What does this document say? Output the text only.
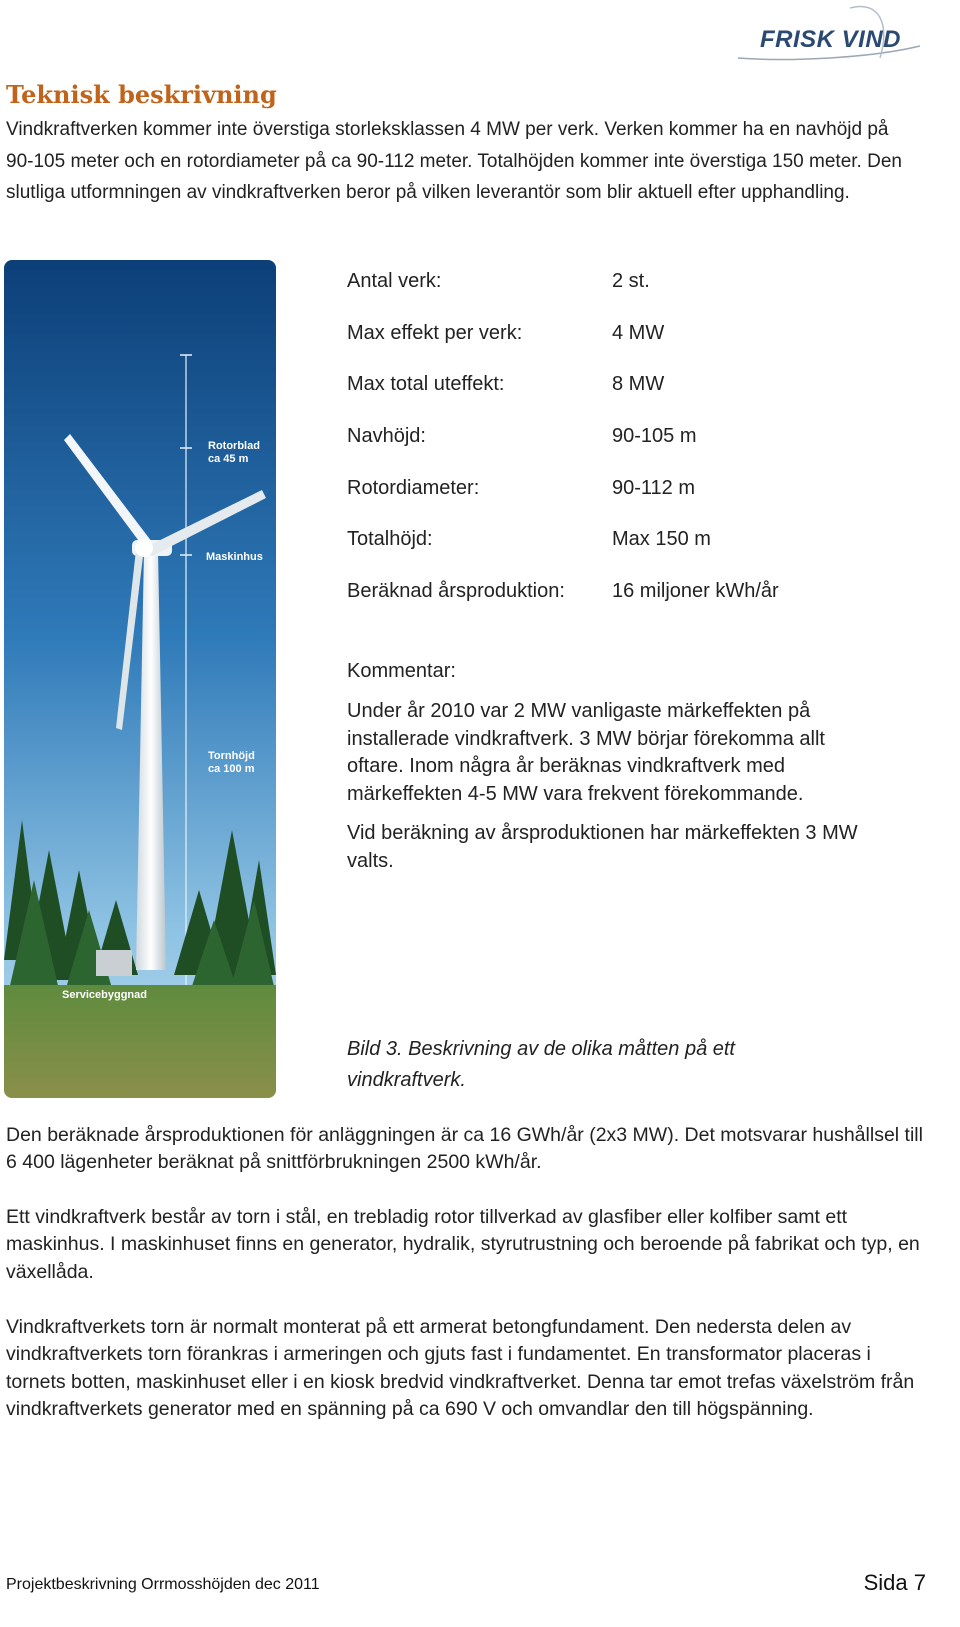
FRISK VIND
Teknisk beskrivning

Vindkraftverken kommer inte överstiga storleksklassen 4 MW per verk. Verken kommer ha en navhöjd på 90-105 meter och en rotordiameter på ca 90-112 meter. Totalhöjden kommer inte överstiga 150 meter. Den slutliga utformningen av vindkraftverken beror på vilken leverantör som blir aktuell efter upphandling.

Rotorblad
ca 45 m
Maskinhus
Tornhöjd
ca 100 m
Servicebyggnad
Antal verk:	2 st.
Max effekt per verk:	4 MW
Max total uteffekt:	8 MW
Navhöjd:	90-105 m
Rotordiameter:	90-112 m
Totalhöjd:	Max 150 m
Beräknad årsproduktion: 16 miljoner kWh/år
Kommentar:

Under år 2010 var 2 MW vanligaste märkeffekten på installerade vindkraftverk. 3 MW börjar förekomma allt oftare. Inom några år beräknas vindkraftverk med märkeffekten 4-5 MW vara frekvent förekommande.

Vid beräkning av årsproduktionen har märkeffekten 3 MW valts.

Bild 3. Beskrivning av de olika måtten på ett vindkraftverk.

Den beräknade årsproduktionen för anläggningen är ca 16 GWh/år (2x3 MW). Det motsvarar hushållsel till 6 400 lägenheter beräknat på snittförbrukningen 2500 kWh/år.

Ett vindkraftverk består av torn i stål, en trebladig rotor tillverkad av glasfiber eller kolfiber samt ett maskinhus. I maskinhuset finns en generator, hydralik, styrutrustning och beroende på fabrikat och typ, en växellåda.

Vindkraftverkets torn är normalt monterat på ett armerat betongfundament. Den nedersta delen av vindkraftverkets torn förankras i armeringen och gjuts fast i fundamentet. En transformator placeras i tornets botten, maskinhuset eller i en kiosk bredvid vindkraftverket. Denna tar emot trefas växelström från vindkraftverkets generator med en spänning på ca 690 V och omvandlar den till högspänning.

Projektbeskrivning Orrmosshöjden dec 2011	Sida 7
